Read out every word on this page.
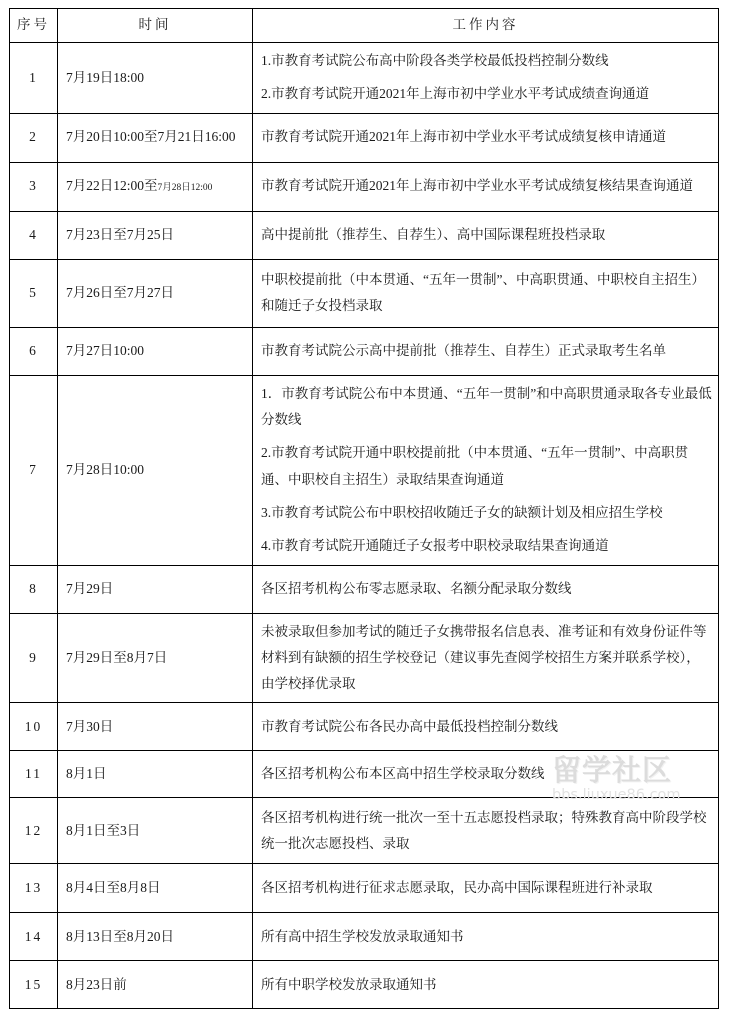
序号	时间	工作内容
1	7月19日18:00	1.市教育考试院公布高中阶段各类学校最低投档控制分数线
2.市教育考试院开通2021年上海市初中学业水平考试成绩查询通道

2	7月20日10:00至7月21日16:00	市教育考试院开通2021年上海市初中学业水平考试成绩复核申请通道

3	7月22日12:00至7月28日12:00	市教育考试院开通2021年上海市初中学业水平考试成绩复核结果查询通道

4	7月23日至7月25日	高中提前批（推荐生、自荐生）、高中国际课程班投档录取

5	7月26日至7月27日	中职校提前批（中本贯通、“五年一贯制”、中高职贯通、中职校自主招生）和随迁子女投档录取

6	7月27日10:00	市教育考试院公示高中提前批（推荐生、自荐生）正式录取考生名单

7	7月28日10:00	1．市教育考试院公布中本贯通、“五年一贯制”和中高职贯通录取各专业最低分数线
2.市教育考试院开通中职校提前批（中本贯通、“五年一贯制”、中高职贯通、中职校自主招生）录取结果查询通道
3.市教育考试院公布中职校招收随迁子女的缺额计划及相应招生学校
4.市教育考试院开通随迁子女报考中职校录取结果查询通道

8	7月29日	各区招考机构公布零志愿录取、名额分配录取分数线

9	7月29日至8月7日	未被录取但参加考试的随迁子女携带报名信息表、准考证和有效身份证件等材料到有缺额的招生学校登记（建议事先查阅学校招生方案并联系学校），由学校择优录取

10	7月30日	市教育考试院公布各民办高中最低投档控制分数线

11	8月1日	各区招考机构公布本区高中招生学校录取分数线

12	8月1日至3日	各区招考机构进行统一批次一至十五志愿投档录取；特殊教育高中阶段学校统一批次志愿投档、录取

13	8月4日至8月8日	各区招考机构进行征求志愿录取，民办高中国际课程班进行补录取

14	8月13日至8月20日	所有高中招生学校发放录取通知书

15	8月23日前	所有中职学校发放录取通知书
留学社区
bbs.liuxue86.com
